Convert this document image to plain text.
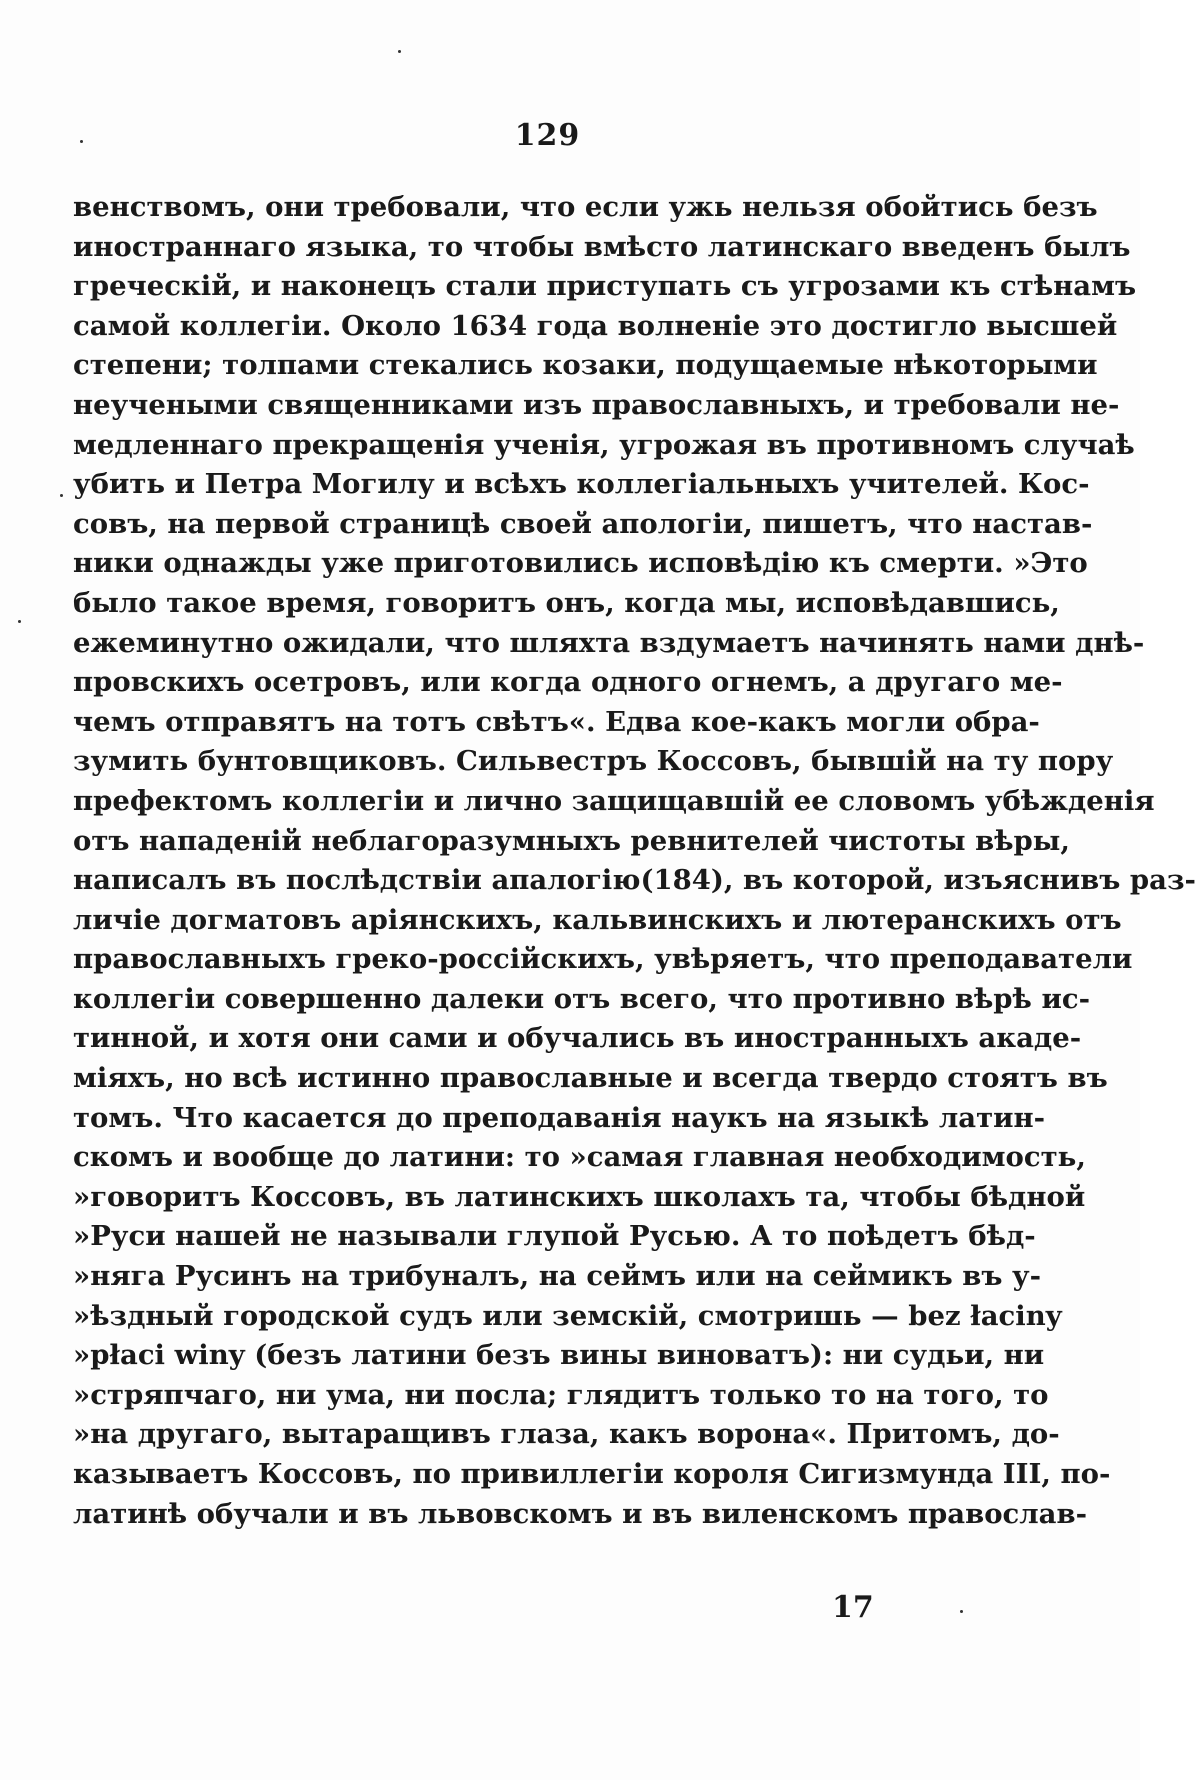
129
венствомъ, они требовали, что если ужь нельзя обойтись безъ
иностраннаго языка, то чтобы вмѣсто латинскаго введенъ былъ
греческій, и наконецъ стали приступать съ угрозами къ стѣнамъ
самой коллегіи. Около 1634 года волненіе это достигло высшей
степени; толпами стекались козаки, подущаемые нѣкоторыми
неучеными священниками изъ православныхъ, и требовали не-
медленнаго прекращенія ученія, угрожая въ противномъ случаѣ
убить и Петра Могилу и всѣхъ коллегіальныхъ учителей. Кос-
совъ, на первой страницѣ своей апологіи, пишетъ, что настав-
ники однажды уже приготовились исповѣдію къ смерти. »Это
было такое время, говоритъ онъ, когда мы, исповѣдавшись,
ежеминутно ожидали, что шляхта вздумаетъ начинять нами днѣ-
провскихъ осетровъ, или когда одного огнемъ, а другаго ме-
чемъ отправятъ на тотъ свѣтъ«. Едва кое-какъ могли обра-
зумить бунтовщиковъ. Сильвестръ Коссовъ, бывшій на ту пору
префектомъ коллегіи и лично защищавшій ее словомъ убѣжденія
отъ нападеній неблагоразумныхъ ревнителей чистоты вѣры,
написалъ въ послѣдствіи апалогію(184), въ которой, изъяснивъ раз-
личіе догматовъ аріянскихъ, кальвинскихъ и лютеранскихъ отъ
православныхъ греко-россійскихъ, увѣряетъ, что преподаватели
коллегіи совершенно далеки отъ всего, что противно вѣрѣ ис-
тинной, и хотя они сами и обучались въ иностранныхъ акаде-
міяхъ, но всѣ истинно православные и всегда твердо стоятъ въ
томъ. Что касается до преподаванія наукъ на языкѣ латин-
скомъ и вообще до латини: то »самая главная необходимость,
»говоритъ Коссовъ, въ латинскихъ школахъ та, чтобы бѣдной
»Руси нашей не называли глупой Русью. А то поѣдетъ бѣд-
»няга Русинъ на трибуналъ, на сеймъ или на сеймикъ въ у-
»ѣздный городской судъ или земскій, смотришь — bez łaciny
»płaci winy (безъ латини безъ вины виноватъ): ни судьи, ни
»стряпчаго, ни ума, ни посла; глядитъ только то на того, то
»на другаго, вытаращивъ глаза, какъ ворона«. Притомъ, до-
казываетъ Коссовъ, по привиллегіи короля Сигизмунда III, по-
латинѣ обучали и въ львовскомъ и въ виленскомъ православ-
17
